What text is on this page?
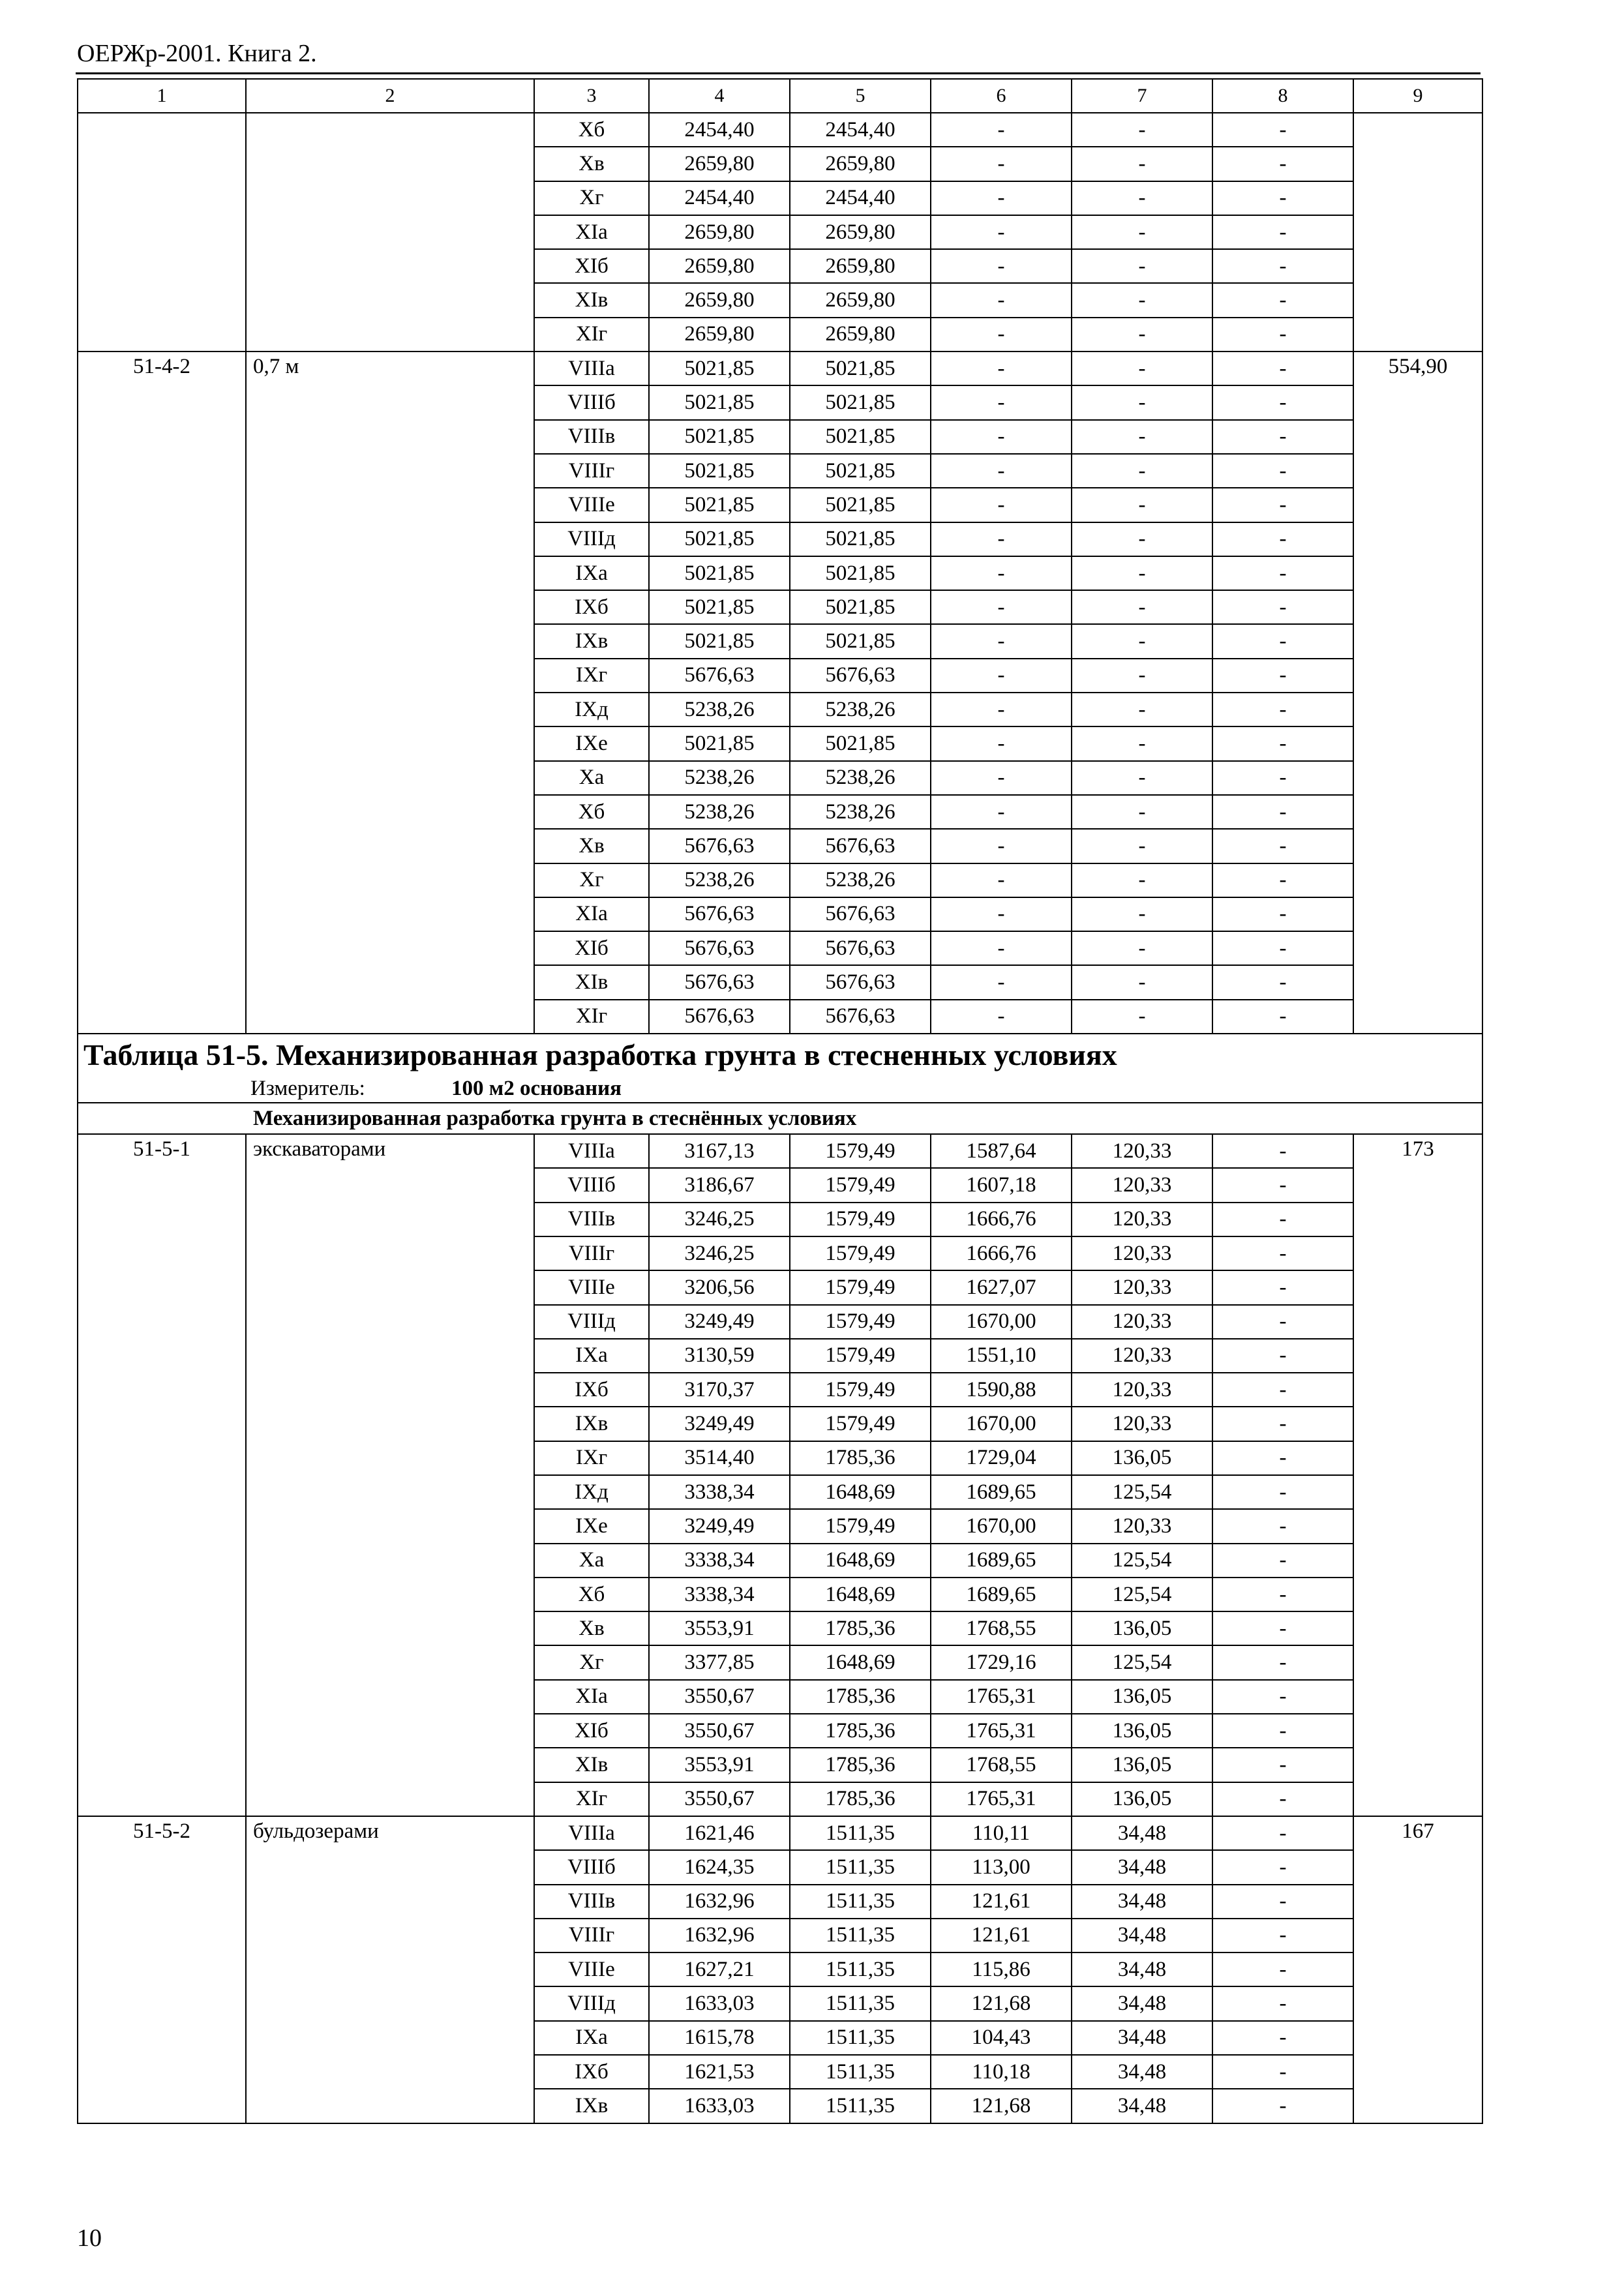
ОЕРЖр-2001. Книга 2.
1	2	3	4	5	6	7	8	9
		Хб	2454,40	2454,40	-	-	-	
		Хв	2659,80	2659,80	-	-	-	
		Хг	2454,40	2454,40	-	-	-	
		ХIа	2659,80	2659,80	-	-	-	
		ХIб	2659,80	2659,80	-	-	-	
		ХIв	2659,80	2659,80	-	-	-	
		ХIг	2659,80	2659,80	-	-	-	
51-4-2	0,7 м	VIIIа	5021,85	5021,85	-	-	-	554,90
		VIIIб	5021,85	5021,85	-	-	-	
		VIIIв	5021,85	5021,85	-	-	-	
		VIIIг	5021,85	5021,85	-	-	-	
		VIIIе	5021,85	5021,85	-	-	-	
		VIIIд	5021,85	5021,85	-	-	-	
		IХа	5021,85	5021,85	-	-	-	
		IХб	5021,85	5021,85	-	-	-	
		IХв	5021,85	5021,85	-	-	-	
		IХг	5676,63	5676,63	-	-	-	
		IХд	5238,26	5238,26	-	-	-	
		IХе	5021,85	5021,85	-	-	-	
		Ха	5238,26	5238,26	-	-	-	
		Хб	5238,26	5238,26	-	-	-	
		Хв	5676,63	5676,63	-	-	-	
		Хг	5238,26	5238,26	-	-	-	
		ХIа	5676,63	5676,63	-	-	-	
		ХIб	5676,63	5676,63	-	-	-	
		ХIв	5676,63	5676,63	-	-	-	
		ХIг	5676,63	5676,63	-	-	-	
Таблица 51-5. Механизированная разработка грунта в стесненных условиях								
Измеритель: 100 м2 основания								
Механизированная разработка грунта в стеснённых условиях								
51-5-1	экскаваторами	VIIIа	3167,13	1579,49	1587,64	120,33	-	173
		VIIIб	3186,67	1579,49	1607,18	120,33	-	
		VIIIв	3246,25	1579,49	1666,76	120,33	-	
		VIIIг	3246,25	1579,49	1666,76	120,33	-	
		VIIIе	3206,56	1579,49	1627,07	120,33	-	
		VIIIд	3249,49	1579,49	1670,00	120,33	-	
		IХа	3130,59	1579,49	1551,10	120,33	-	
		IХб	3170,37	1579,49	1590,88	120,33	-	
		IХв	3249,49	1579,49	1670,00	120,33	-	
		IХг	3514,40	1785,36	1729,04	136,05	-	
		IХд	3338,34	1648,69	1689,65	125,54	-	
		IХе	3249,49	1579,49	1670,00	120,33	-	
		Ха	3338,34	1648,69	1689,65	125,54	-	
		Хб	3338,34	1648,69	1689,65	125,54	-	
		Хв	3553,91	1785,36	1768,55	136,05	-	
		Хг	3377,85	1648,69	1729,16	125,54	-	
		ХIа	3550,67	1785,36	1765,31	136,05	-	
		ХIб	3550,67	1785,36	1765,31	136,05	-	
		ХIв	3553,91	1785,36	1768,55	136,05	-	
		ХIг	3550,67	1785,36	1765,31	136,05	-	
51-5-2	бульдозерами	VIIIа	1621,46	1511,35	110,11	34,48	-	167
		VIIIб	1624,35	1511,35	113,00	34,48	-	
		VIIIв	1632,96	1511,35	121,61	34,48	-	
		VIIIг	1632,96	1511,35	121,61	34,48	-	
		VIIIе	1627,21	1511,35	115,86	34,48	-	
		VIIIд	1633,03	1511,35	121,68	34,48	-	
		IХа	1615,78	1511,35	104,43	34,48	-	
		IХб	1621,53	1511,35	110,18	34,48	-	
		IХв	1633,03	1511,35	121,68	34,48	-	
10
